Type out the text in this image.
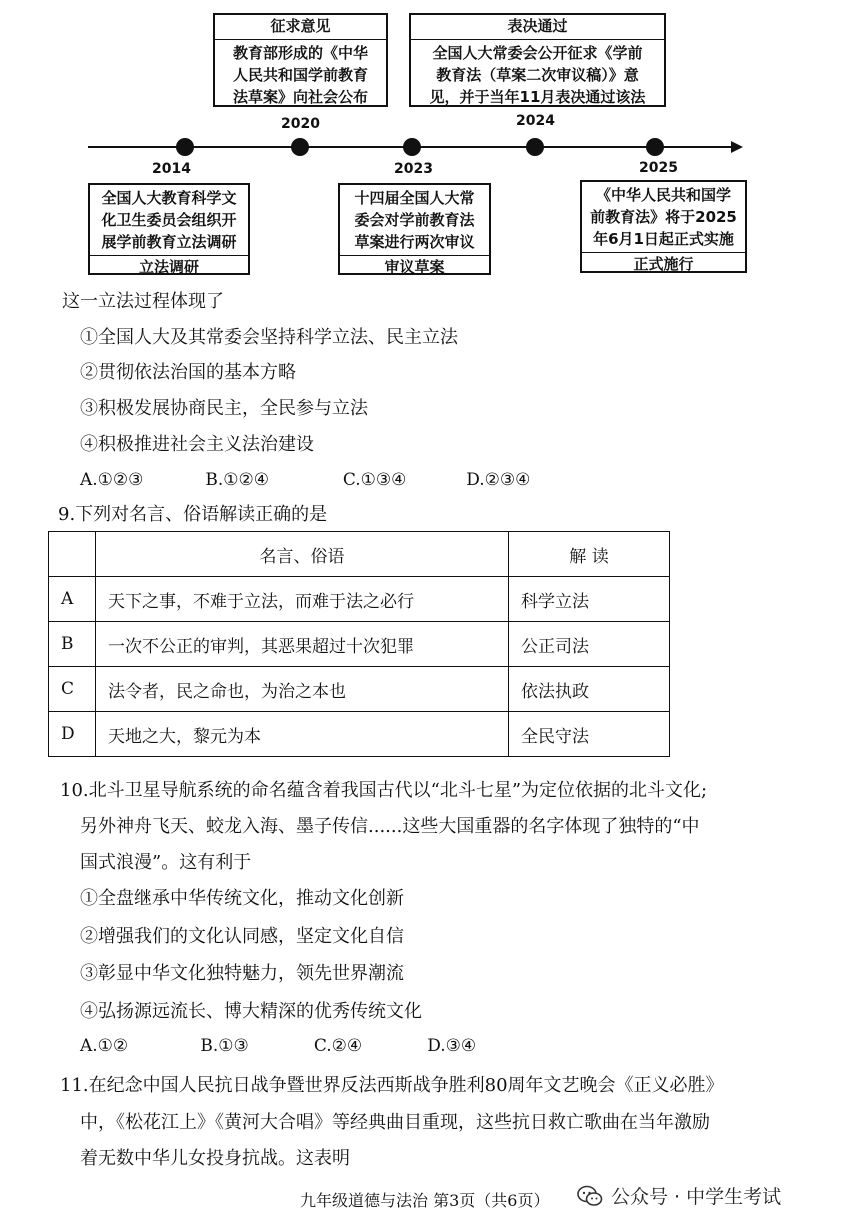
征求意见
教育部形成的《中华
人民共和国学前教育
法草案》向社会公布
表决通过
全国人大常委会公开征求《学前
教育法（草案二次审议稿）》意
见，并于当年11月表决通过该法
2020	2024
2014	2023	2025
全国人大教育科学文
化卫生委员会组织开
展学前教育立法调研
立法调研
十四届全国人大常
委会对学前教育法
草案进行两次审议
审议草案
《中华人民共和国学
前教育法》将于2025
年6月1日起正式实施
正式施行
这一立法过程体现了
①全国人大及其常委会坚持科学立法、民主立法
②贯彻依法治国的基本方略
③积极发展协商民主，全民参与立法
④积极推进社会主义法治建设
A.①②③	B.①②④	C.①③④	D.②③④
9.下列对名言、俗语解读正确的是
	名言、俗语	解 读
A	天下之事，不难于立法，而难于法之必行	科学立法
B	一次不公正的审判，其恶果超过十次犯罪	公正司法
C	法令者，民之命也，为治之本也	依法执政
D	天地之大，黎元为本	全民守法
10.北斗卫星导航系统的命名蕴含着我国古代以“北斗七星”为定位依据的北斗文化;
另外神舟飞天、蛟龙入海、墨子传信......这些大国重器的名字体现了独特的“中
国式浪漫”。这有利于
①全盘继承中华传统文化，推动文化创新
②增强我们的文化认同感，坚定文化自信
③彰显中华文化独特魅力，领先世界潮流
④弘扬源远流长、博大精深的优秀传统文化
A.①②	B.①③	C.②④	D.③④
11.在纪念中国人民抗日战争暨世界反法西斯战争胜利80周年文艺晚会《正义必胜》
中，《松花江上》《黄河大合唱》等经典曲目重现，这些抗日救亡歌曲在当年激励
着无数中华儿女投身抗战。这表明
九年级道德与法治 第3页（共6页）	公众号 · 中学生考试
